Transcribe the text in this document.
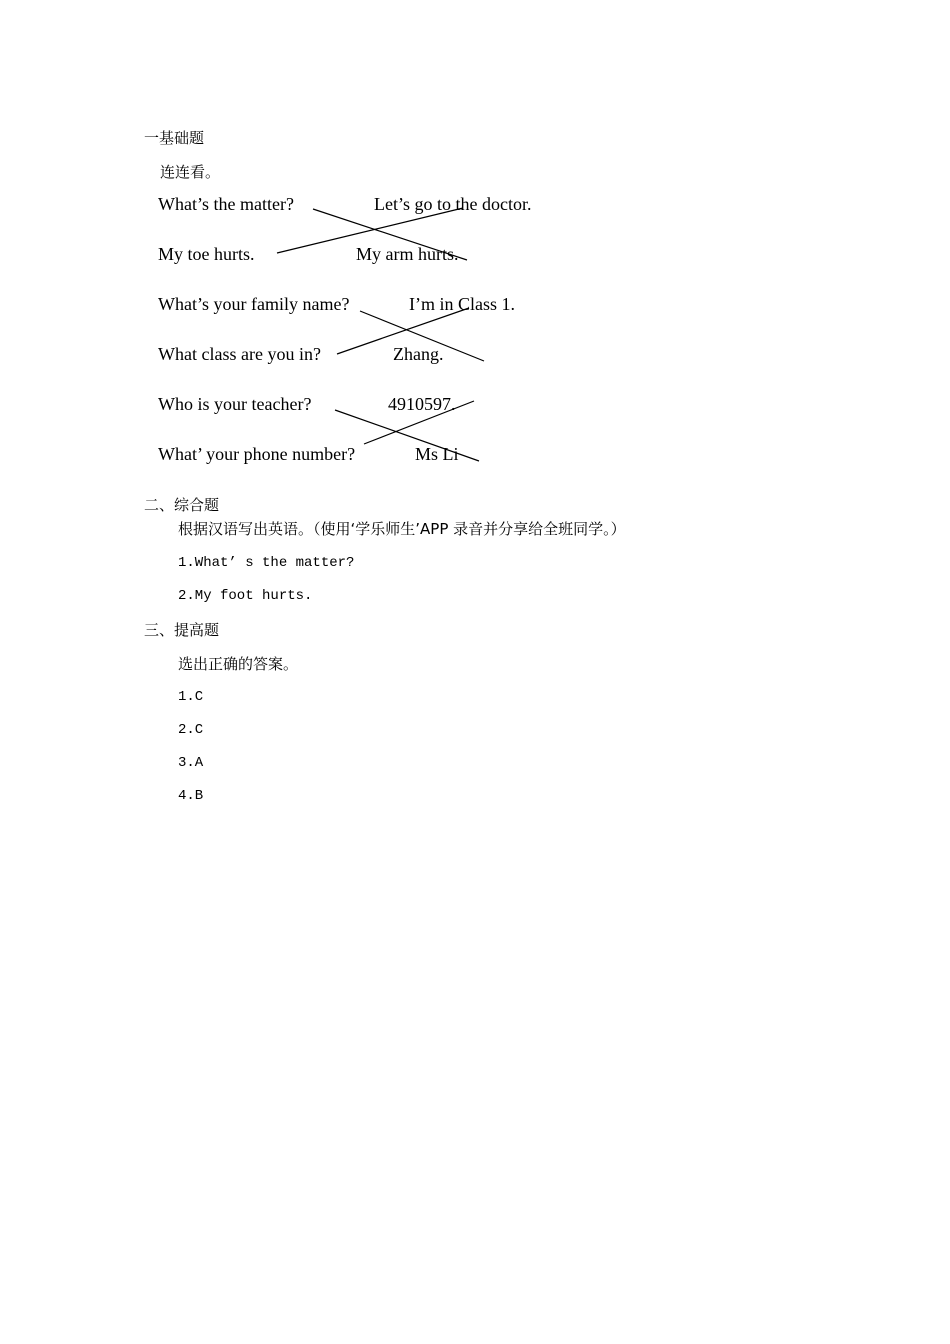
一基础题
连连看。
What’s the matter?	Let’s go to the doctor.
My toe hurts.	My arm hurts.
What’s your family name?	I’m in Class 1.
What class are you in?	Zhang.
Who is your teacher?	4910597.
What’ your phone number?	Ms Li
二、综合题
根据汉语写出英语。（使用‘学乐师生’APP 录音并分享给全班同学。）
1.What’ s the matter?
2.My foot hurts.
三、提高题
选出正确的答案。
1.C
2.C
3.A
4.B
